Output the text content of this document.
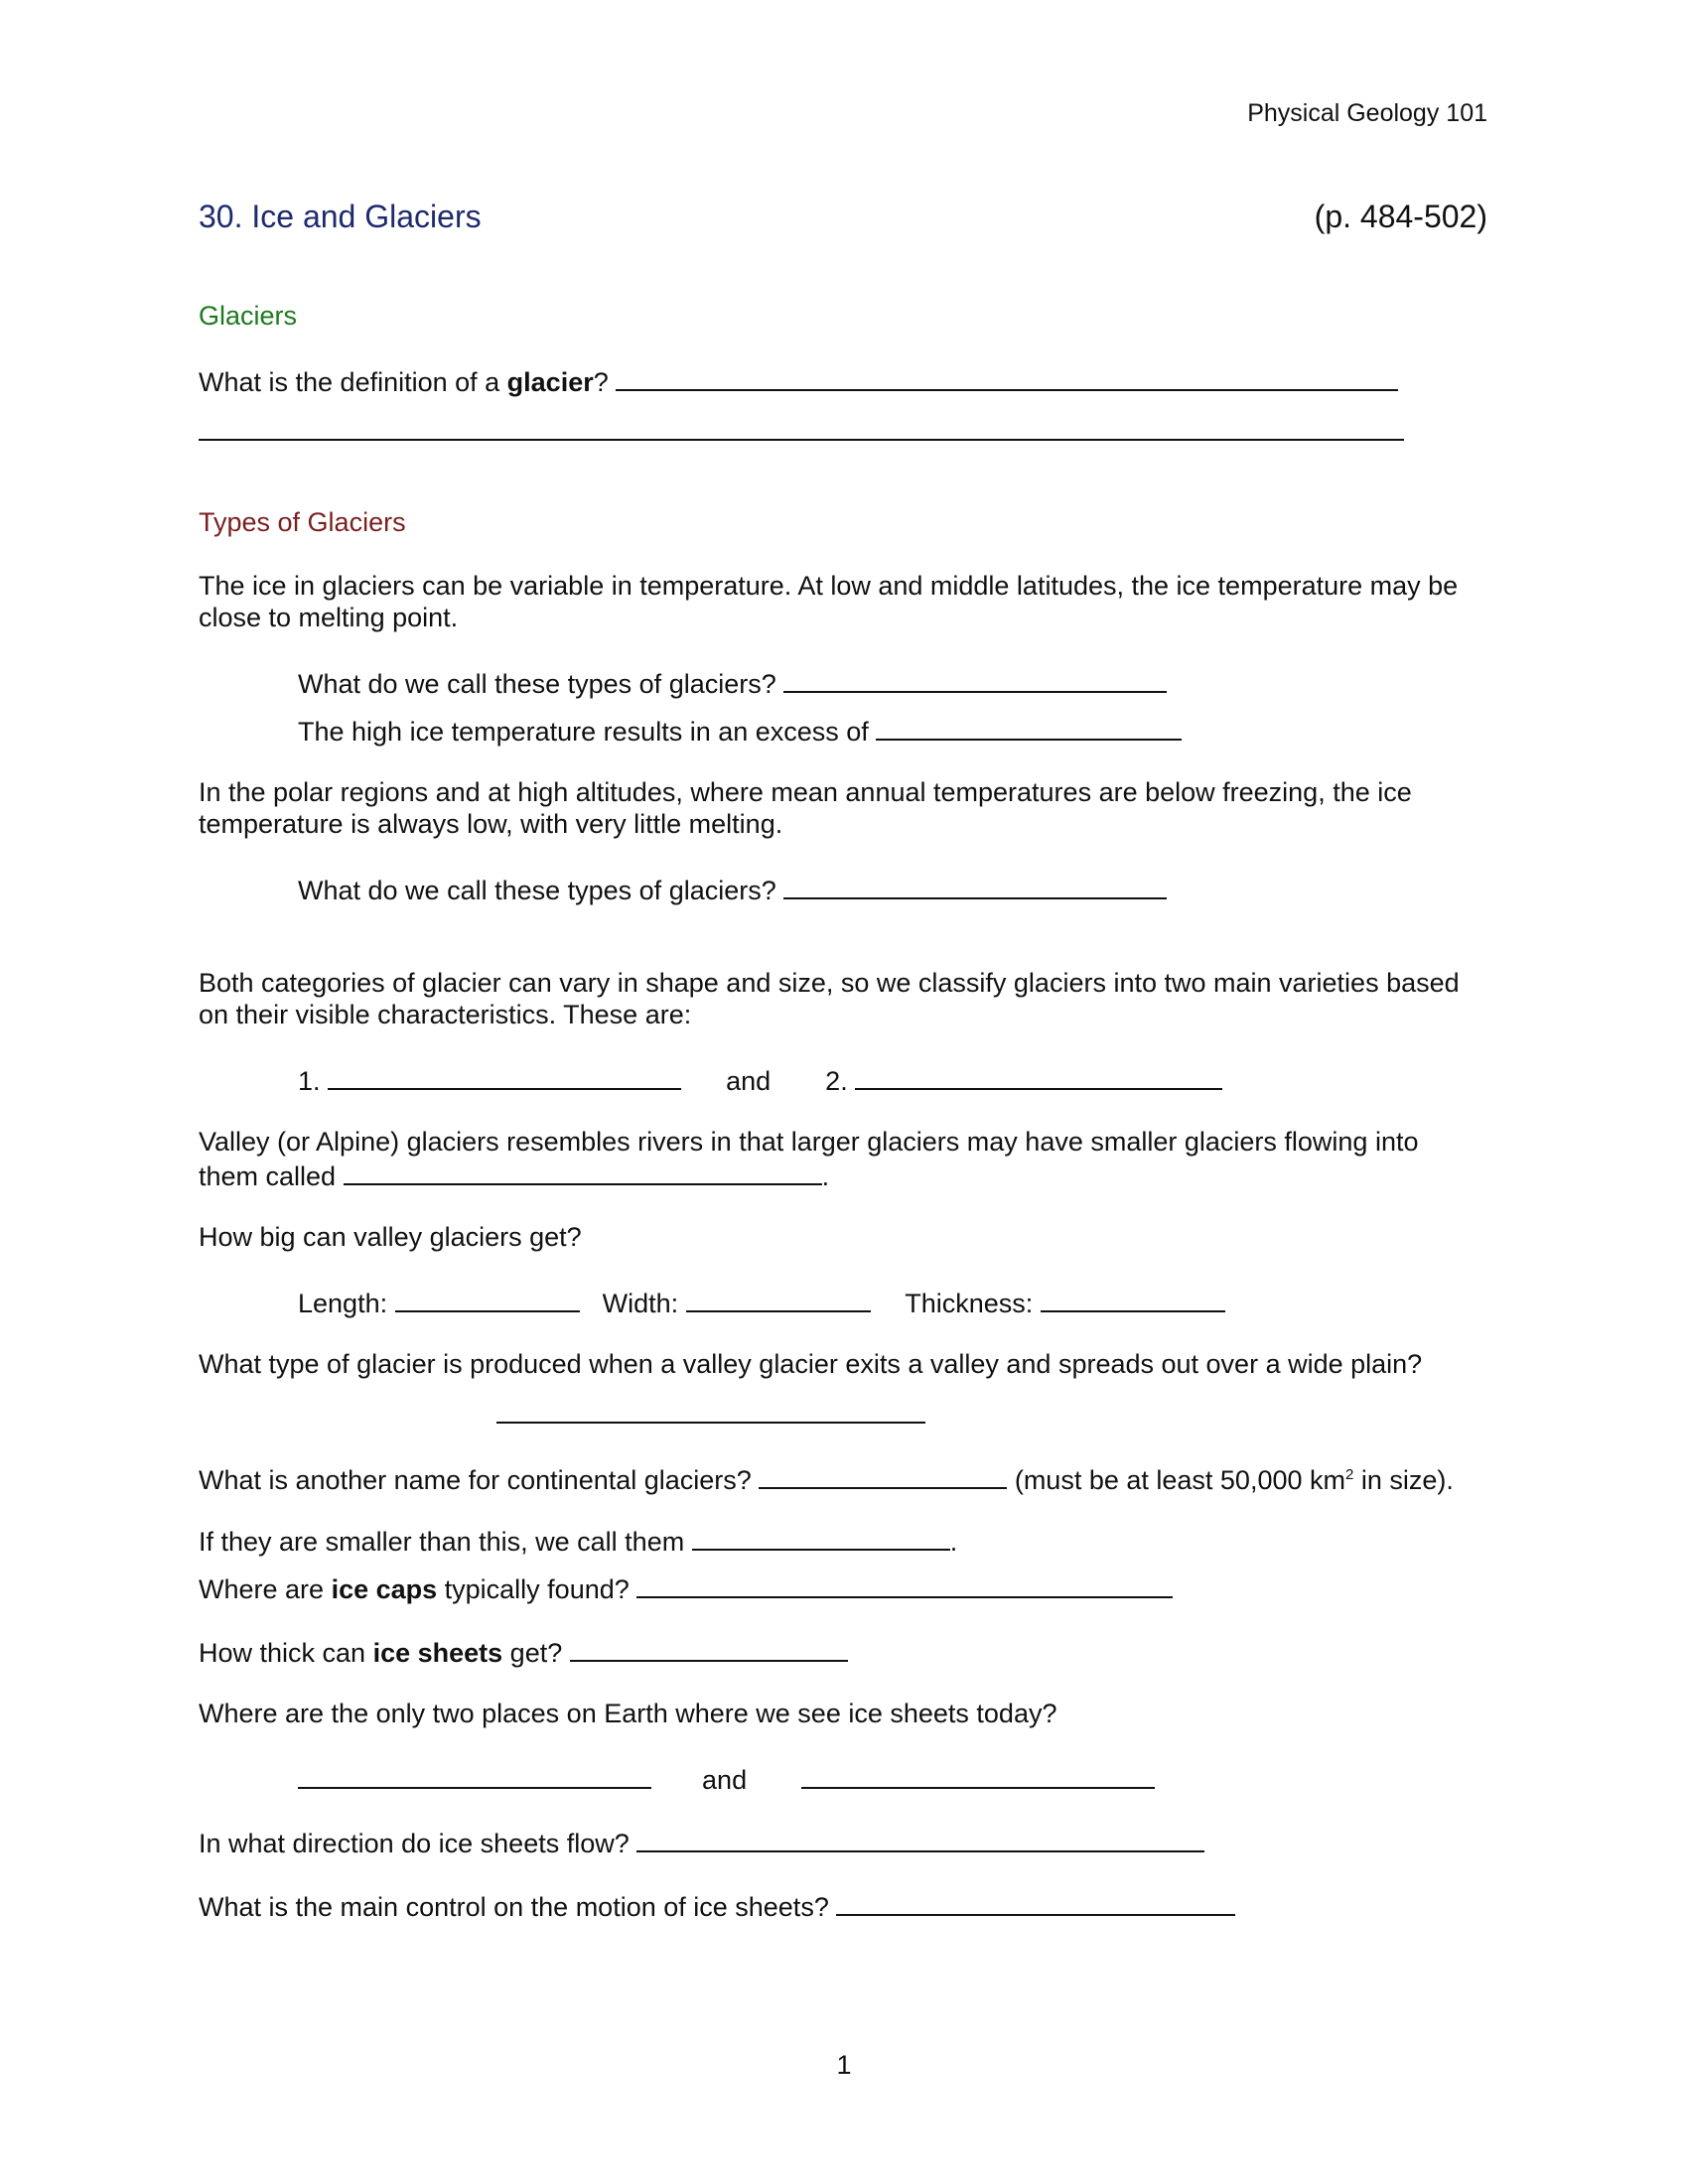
Physical Geology 101
30. Ice and Glaciers	(p. 484-502)
Glaciers
What is the definition of a glacier?
Types of Glaciers
The ice in glaciers can be variable in temperature. At low and middle latitudes, the ice temperature may be close to melting point.
What do we call these types of glaciers?
The high ice temperature results in an excess of
In the polar regions and at high altitudes, where mean annual temperatures are below freezing, the ice temperature is always low, with very little melting.
What do we call these types of glaciers?
Both categories of glacier can vary in shape and size, so we classify glaciers into two main varieties based on their visible characteristics. These are:
1.	and 2.
Valley (or Alpine) glaciers resembles rivers in that larger glaciers may have smaller glaciers flowing into them called	.
How big can valley glaciers get?
Length:	Width:	Thickness:
What type of glacier is produced when a valley glacier exits a valley and spreads out over a wide plain?
What is another name for continental glaciers?	(must be at least 50,000 $km^2$ in size).
If they are smaller than this, we call them	.
Where are ice caps typically found?
How thick can ice sheets get?
Where are the only two places on Earth where we see ice sheets today?
and
In what direction do ice sheets flow?
What is the main control on the motion of ice sheets?
1
